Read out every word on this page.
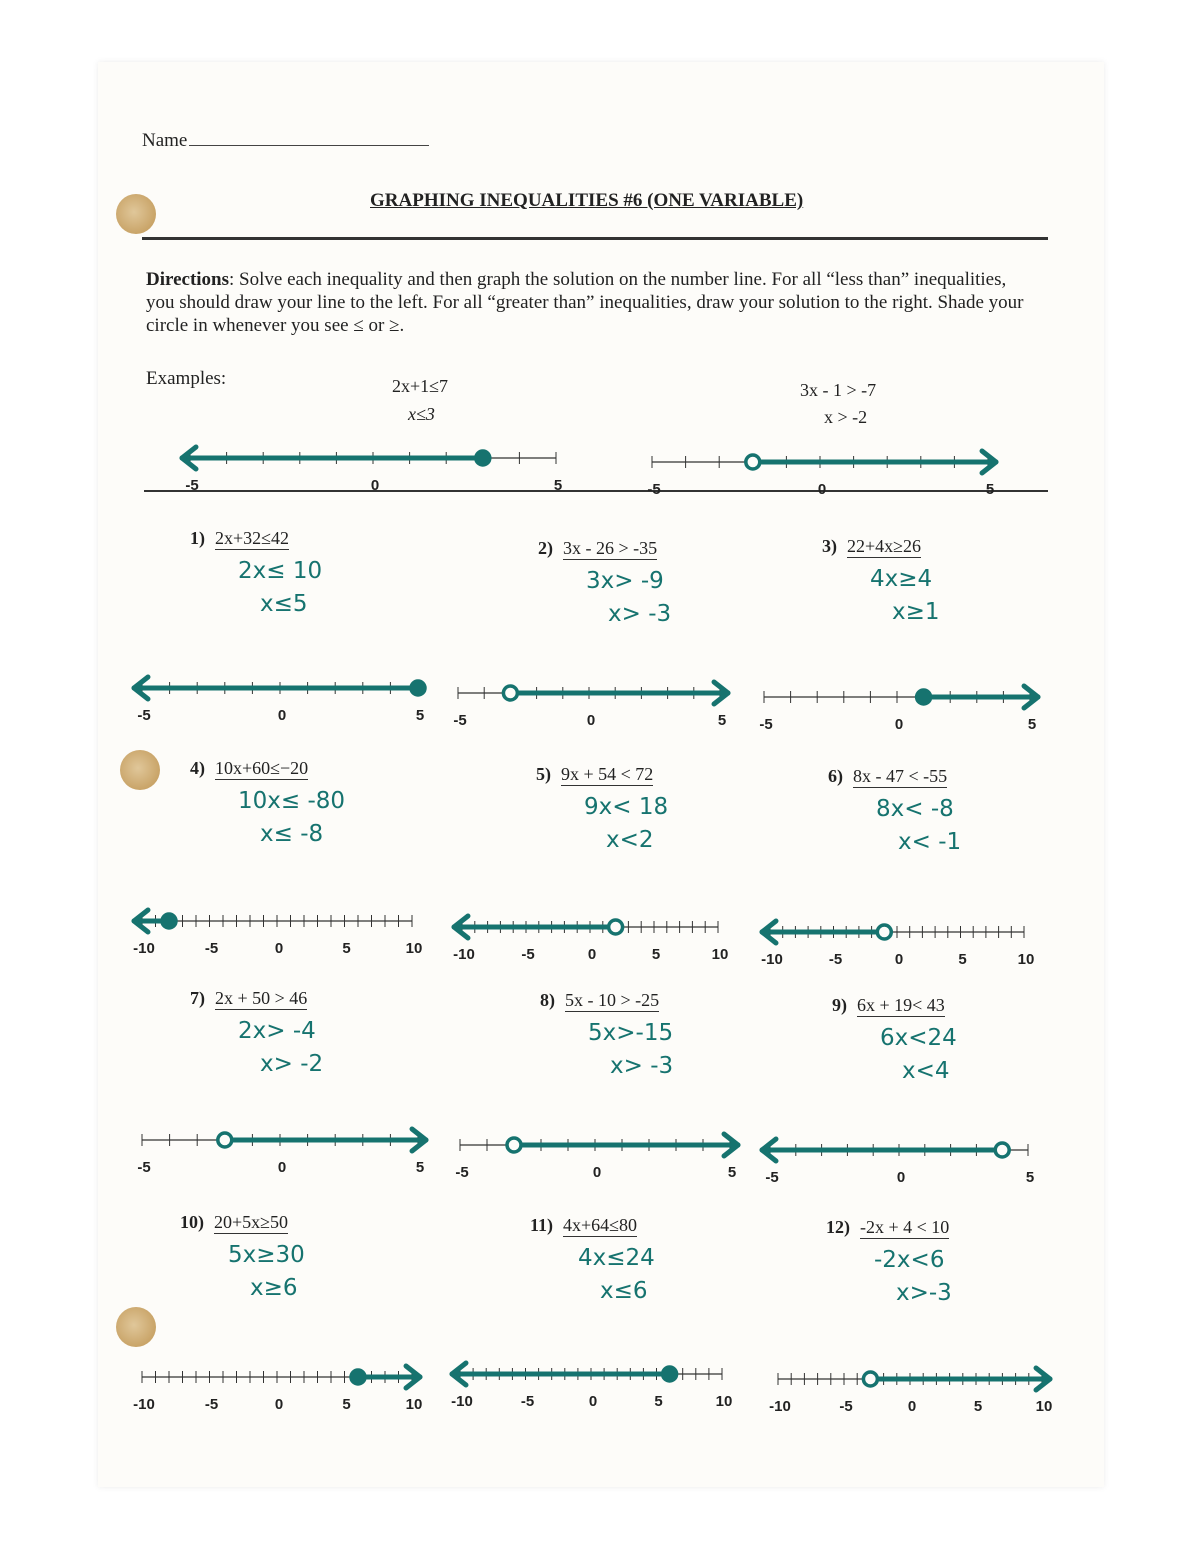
Name
GRAPHING INEQUALITIES #6 (ONE VARIABLE)
Directions: Solve each inequality and then graph the solution on the number line. For all “less than” inequalities, you should draw your line to the left. For all “greater than” inequalities, draw your solution to the right. Shade your circle in whenever you see ≤ or ≥.
Examples:	2x+1≤7
x≤3
3x - 1 > -7
x > -2
-5	0	5	-5	0	5
-5	0	5	-5	0	5	-5	0	5
-10	-5	0	5	10 -10	-5	0	5	10 -10	-5	0	5	10
-5	0	5	-5	0	5	-5	0	5
-10	-5	0	5	10 -10	-5	0	5	10 -10	-5	0	5	10
1) 2x+32≤42
2x≤ 10
x≤5
2) 3x - 26 > -35
3x> -9
x> -3
3) 22+4x≥26
4x≥4
x≥1
4) 10x+60≤−20
10x≤ -80
x≤ -8
5) 9x + 54 < 72
9x< 18
x<2
6) 8x - 47 < -55
8x< -8
x< -1
7) 2x + 50 > 46
2x> -4
x> -2
8) 5x - 10 > -25
5x>-15
x> -3
9) 6x + 19< 43
6x<24
x<4
10) 20+5x≥50
5x≥30
x≥6
11) 4x+64≤80
4x≤24
x≤6
12) -2x + 4 < 10
-2x<6
x>-3
